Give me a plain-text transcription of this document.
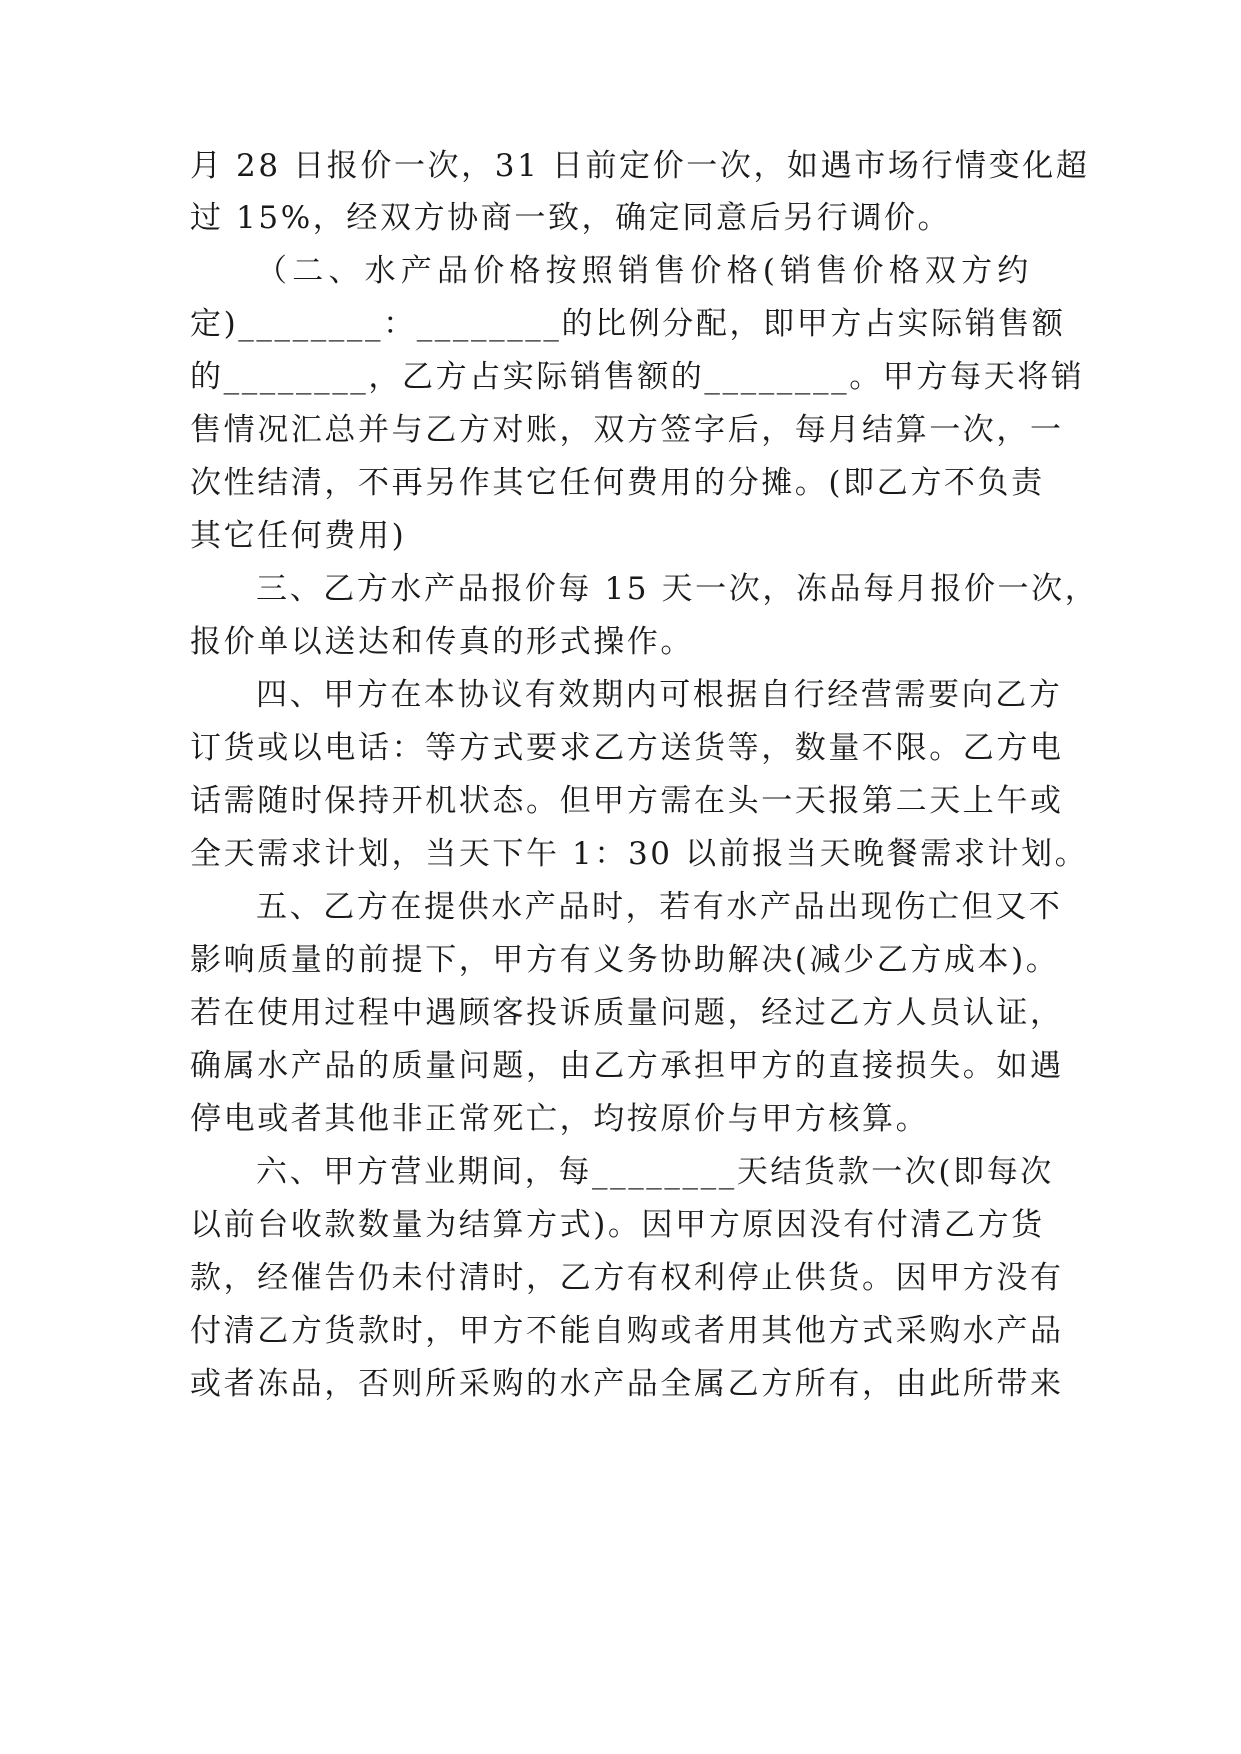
月 28 日报价一次，31 日前定价一次，如遇市场行情变化超
过 15%，经双方协商一致，确定同意后另行调价。
（二、水产品价格按照销售价格(销售价格双方约
定)________：________的比例分配，即甲方占实际销售额
的________，乙方占实际销售额的________。甲方每天将销
售情况汇总并与乙方对账，双方签字后，每月结算一次，一
次性结清，不再另作其它任何费用的分摊。(即乙方不负责
其它任何费用)
三、乙方水产品报价每 15 天一次，冻品每月报价一次，
报价单以送达和传真的形式操作。
四、甲方在本协议有效期内可根据自行经营需要向乙方
订货或以电话：等方式要求乙方送货等，数量不限。乙方电
话需随时保持开机状态。但甲方需在头一天报第二天上午或
全天需求计划，当天下午 1：30 以前报当天晚餐需求计划。
五、乙方在提供水产品时，若有水产品出现伤亡但又不
影响质量的前提下，甲方有义务协助解决(减少乙方成本)。
若在使用过程中遇顾客投诉质量问题，经过乙方人员认证，
确属水产品的质量问题，由乙方承担甲方的直接损失。如遇
停电或者其他非正常死亡，均按原价与甲方核算。
六、甲方营业期间，每________天结货款一次(即每次
以前台收款数量为结算方式)。因甲方原因没有付清乙方货
款，经催告仍未付清时，乙方有权利停止供货。因甲方没有
付清乙方货款时，甲方不能自购或者用其他方式采购水产品
或者冻品，否则所采购的水产品全属乙方所有，由此所带来
